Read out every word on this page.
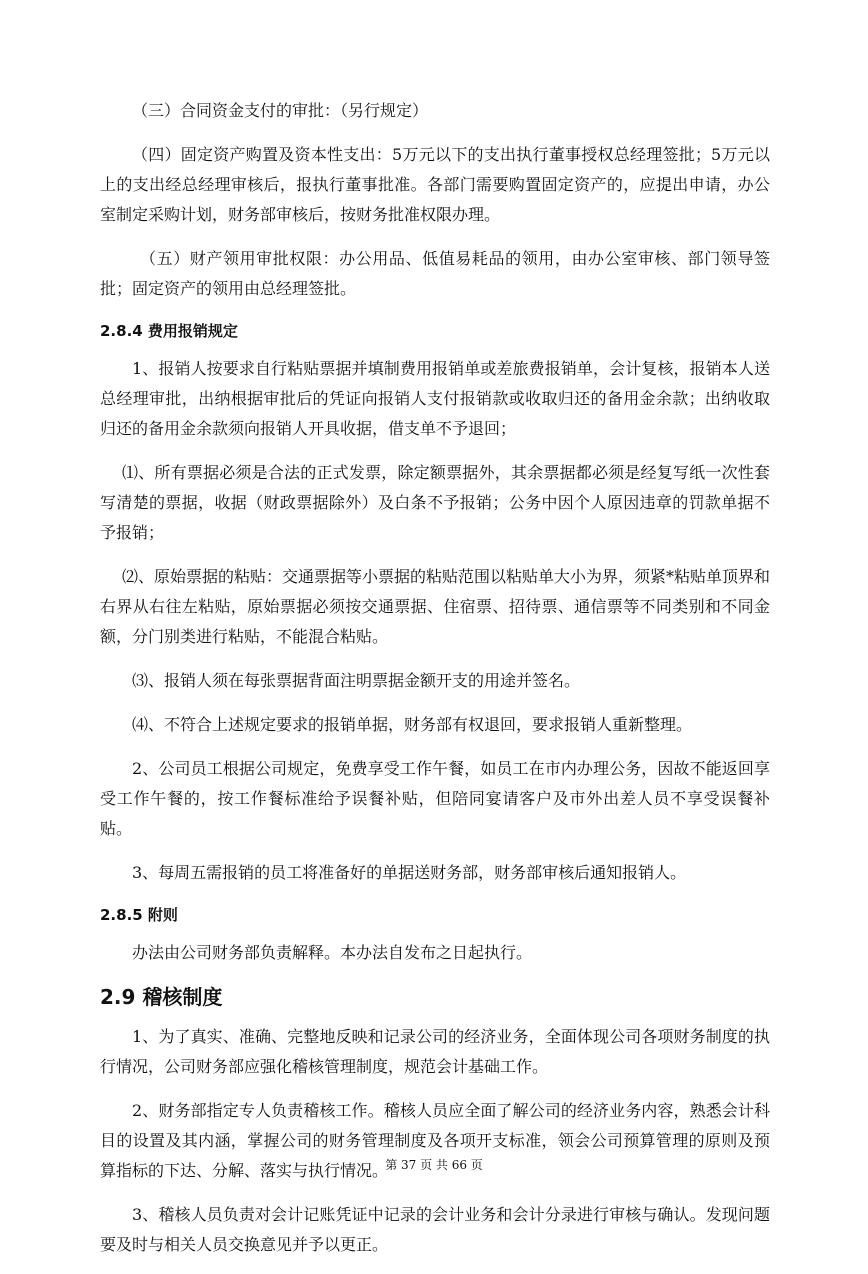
（三）合同资金支付的审批：（另行规定）

（四）固定资产购置及资本性支出：5万元以下的支出执行董事授权总经理签批；5万元以上的支出经总经理审核后，报执行董事批准。各部门需要购置固定资产的，应提出申请，办公室制定采购计划，财务部审核后，按财务批准权限办理。

（五）财产领用审批权限：办公用品、低值易耗品的领用，由办公室审核、部门领导签批；固定资产的领用由总经理签批。

2.8.4 费用报销规定

1、报销人按要求自行粘贴票据并填制费用报销单或差旅费报销单，会计复核，报销本人送总经理审批，出纳根据审批后的凭证向报销人支付报销款或收取归还的备用金余款；出纳收取归还的备用金余款须向报销人开具收据，借支单不予退回；

⑴、所有票据必须是合法的正式发票，除定额票据外，其余票据都必须是经复写纸一次性套写清楚的票据，收据（财政票据除外）及白条不予报销；公务中因个人原因违章的罚款单据不予报销；

⑵、原始票据的粘贴：交通票据等小票据的粘贴范围以粘贴单大小为界，须紧*粘贴单顶界和右界从右往左粘贴，原始票据必须按交通票据、住宿票、招待票、通信票等不同类别和不同金额，分门别类进行粘贴，不能混合粘贴。

⑶、报销人须在每张票据背面注明票据金额开支的用途并签名。

⑷、不符合上述规定要求的报销单据，财务部有权退回，要求报销人重新整理。

2、公司员工根据公司规定，免费享受工作午餐，如员工在市内办理公务，因故不能返回享受工作午餐的，按工作餐标准给予误餐补贴，但陪同宴请客户及市外出差人员不享受误餐补贴。

3、每周五需报销的员工将准备好的单据送财务部，财务部审核后通知报销人。

2.8.5 附则

办法由公司财务部负责解释。本办法自发布之日起执行。

2.9 稽核制度

1、为了真实、准确、完整地反映和记录公司的经济业务，全面体现公司各项财务制度的执行情况，公司财务部应强化稽核管理制度，规范会计基础工作。

2、财务部指定专人负责稽核工作。稽核人员应全面了解公司的经济业务内容，熟悉会计科目的设置及其内涵，掌握公司的财务管理制度及各项开支标准，领会公司预算管理的原则及预算指标的下达、分解、落实与执行情况。

3、稽核人员负责对会计记账凭证中记录的会计业务和会计分录进行审核与确认。发现问题要及时与相关人员交换意见并予以更正。

第 37 页 共 66 页
